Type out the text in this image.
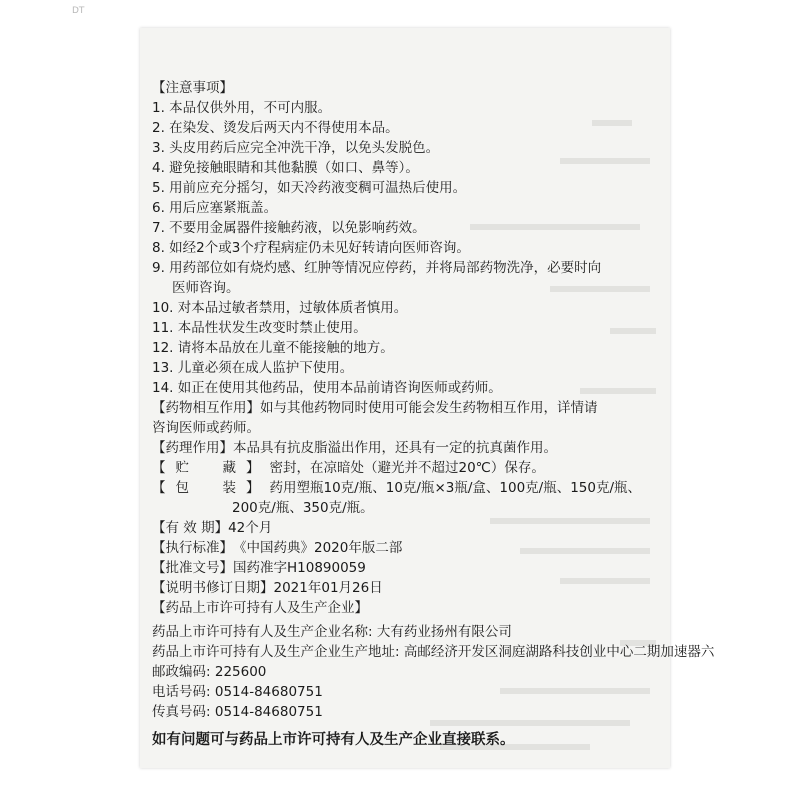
DT
【注意事项】
1. 本品仅供外用，不可内服。
2. 在染发、烫发后两天内不得使用本品。
3. 头皮用药后应完全冲洗干净，以免头发脱色。
4. 避免接触眼睛和其他黏膜（如口、鼻等）。
5. 用前应充分摇匀，如天冷药液变稠可温热后使用。
6. 用后应塞紧瓶盖。
7. 不要用金属器件接触药液，以免影响药效。
8. 如经2个或3个疗程病症仍未见好转请向医师咨询。
9. 用药部位如有烧灼感、红肿等情况应停药，并将局部药物洗净，必要时向
医师咨询。
10. 对本品过敏者禁用，过敏体质者慎用。
11. 本品性状发生改变时禁止使用。
12. 请将本品放在儿童不能接触的地方。
13. 儿童必须在成人监护下使用。
14. 如正在使用其他药品，使用本品前请咨询医师或药师。
【药物相互作用】如与其他药物同时使用可能会发生药物相互作用，详情请
咨询医师或药师。
【药理作用】本品具有抗皮脂溢出作用，还具有一定的抗真菌作用。
【贮　藏】密封，在凉暗处（避光并不超过20℃）保存。
【包　装】药用塑瓶10克/瓶、10克/瓶×3瓶/盒、100克/瓶、150克/瓶、
200克/瓶、350克/瓶。
【有 效 期】42个月
【执行标准】《中国药典》2020年版二部
【批准文号】国药准字H10890059
【说明书修订日期】2021年01月26日
【药品上市许可持有人及生产企业】
药品上市许可持有人及生产企业名称: 大有药业扬州有限公司
药品上市许可持有人及生产企业生产地址: 高邮经济开发区洞庭湖路科技创业中心二期加速器六
邮政编码: 225600
电话号码: 0514-84680751
传真号码: 0514-84680751
如有问题可与药品上市许可持有人及生产企业直接联系。
